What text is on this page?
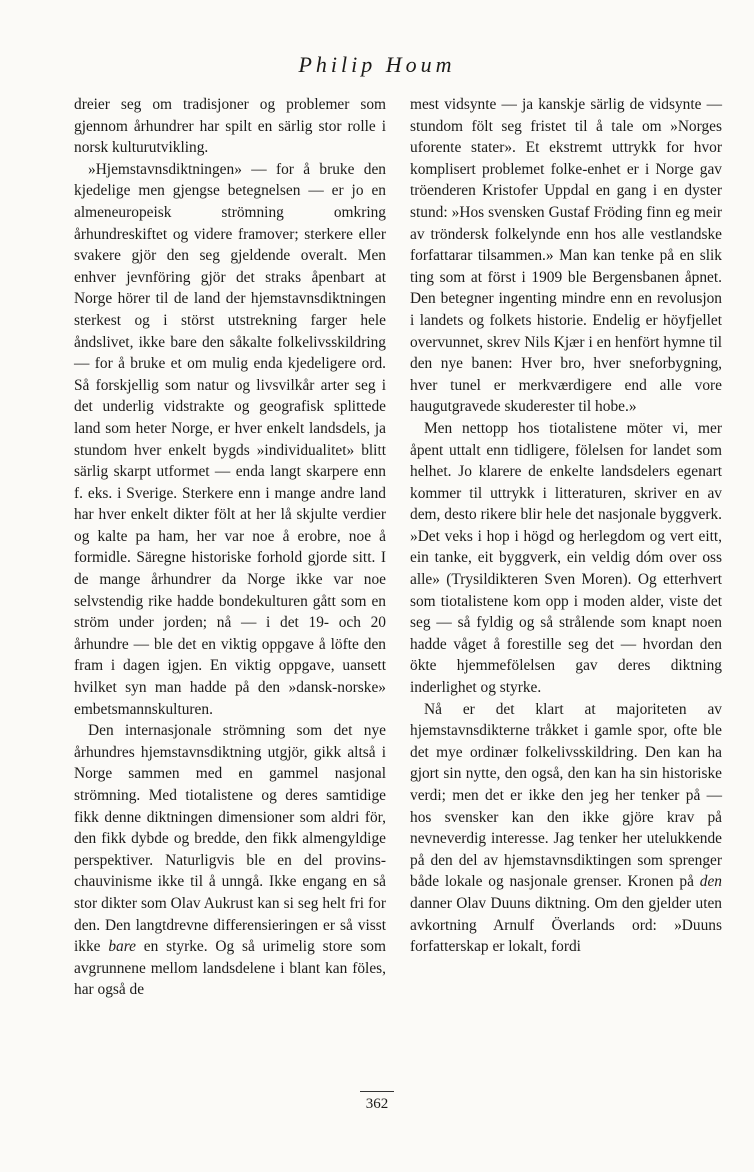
Philip Houm

dreier seg om tradisjoner og problemer som gjennom århundrer har spilt en särlig stor rolle i norsk kulturutvikling.

»Hjemstavnsdiktningen» — for å bruke den kjedelige men gjengse betegnelsen — er jo en almeneuropeisk strömning omkring århundreskiftet og videre framover; sterkere eller svakere gjör den seg gjeldende overalt. Men enhver jevnföring gjör det straks åpenbart at Norge hörer til de land der hjemstavnsdiktningen sterkest og i störst utstrekning farger hele åndslivet, ikke bare den såkalte folkelivsskildring — for å bruke et om mulig enda kjedeligere ord. Så forskjellig som natur og livsvilkår arter seg i det underlig vidstrakte og geografisk splittede land som heter Norge, er hver enkelt landsdels, ja stundom hver enkelt bygds »individualitet» blitt särlig skarpt utformet — enda langt skarpere enn f. eks. i Sverige. Sterkere enn i mange andre land har hver enkelt dikter fölt at her lå skjulte verdier og kalte pa ham, her var noe å erobre, noe å formidle. Säregne historiske forhold gjorde sitt. I de mange århundrer da Norge ikke var noe selvstendig rike hadde bondekulturen gått som en ström under jorden; nå — i det 19- och 20 århundre — ble det en viktig oppgave å löfte den fram i dagen igjen. En viktig oppgave, uansett hvilket syn man hadde på den »dansk-norske» embetsmannskulturen.

Den internasjonale strömning som det nye århundres hjemstavnsdiktning utgjör, gikk altså i Norge sammen med en gammel nasjonal strömning. Med tiotalistene og deres samtidige fikk denne diktningen dimensioner som aldri för, den fikk dybde og bredde, den fikk almengyldige perspektiver. Naturligvis ble en del provins-chauvinisme ikke til å unngå. Ikke engang en så stor dikter som Olav Aukrust kan si seg helt fri for den. Den langtdrevne differensieringen er så visst ikke bare en styrke. Og så urimelig store som avgrunnene mellom landsdelene i blant kan föles, har også de

mest vidsynte — ja kanskje särlig de vidsynte — stundom fölt seg fristet til å tale om »Norges uforente stater». Et ekstremt uttrykk for hvor komplisert problemet folke-enhet er i Norge gav tröenderen Kristofer Uppdal en gang i en dyster stund: »Hos svensken Gustaf Fröding finn eg meir av tröndersk folkelynde enn hos alle vestlandske forfattarar tilsammen.» Man kan tenke på en slik ting som at först i 1909 ble Bergensbanen åpnet. Den betegner ingenting mindre enn en revolusjon i landets og folkets historie. Endelig er höyfjellet overvunnet, skrev Nils Kjær i en henfört hymne til den nye banen: Hver bro, hver sneforbygning, hver tunel er merkværdigere end alle vore haugutgravede skuderester til hobe.»

Men nettopp hos tiotalistene möter vi, mer åpent uttalt enn tidligere, fölelsen for landet som helhet. Jo klarere de enkelte landsdelers egenart kommer til uttrykk i litteraturen, skriver en av dem, desto rikere blir hele det nasjonale byggverk. »Det veks i hop i högd og herlegdom og vert eitt, ein tanke, eit byggverk, ein veldig dóm over oss alle» (Trysildikteren Sven Moren). Og etterhvert som tiotalistene kom opp i moden alder, viste det seg — så fyldig og så strålende som knapt noen hadde våget å forestille seg det — hvordan den ökte hjemmefölelsen gav deres diktning inderlighet og styrke.

Nå er det klart at majoriteten av hjemstavnsdikterne tråkket i gamle spor, ofte ble det mye ordinær folkelivsskildring. Den kan ha gjort sin nytte, den også, den kan ha sin historiske verdi; men det er ikke den jeg her tenker på — hos svensker kan den ikke gjöre krav på nevneverdig interesse. Jag tenker her utelukkende på den del av hjemstavnsdiktingen som sprenger både lokale og nasjonale grenser. Kronen på den danner Olav Duuns diktning. Om den gjelder uten avkortning Arnulf Överlands ord: »Duuns forfatterskap er lokalt, fordi

362
